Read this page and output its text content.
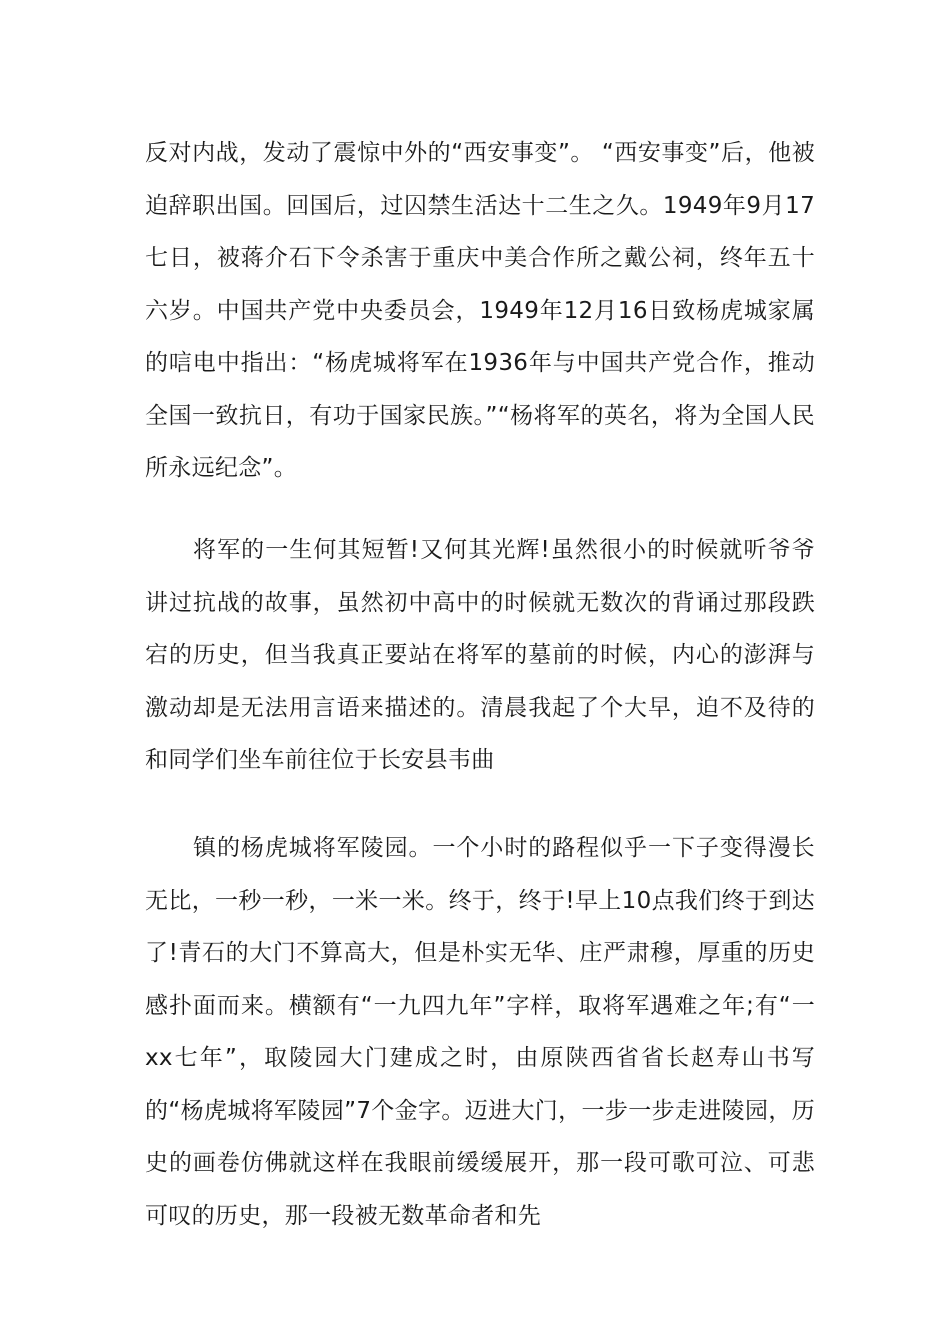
反对内战，发动了震惊中外的“西安事变”。 “西安事变”后，他被迫辞职出国。回国后，过囚禁生活达十二生之久。1949年9月17七日，被蒋介石下令杀害于重庆中美合作所之戴公祠，终年五十六岁。中国共产党中央委员会，1949年12月16日致杨虎城家属的唁电中指出：“杨虎城将军在1936年与中国共产党合作，推动全国一致抗日，有功于国家民族。”“杨将军的英名，将为全国人民所永远纪念”。

将军的一生何其短暂!又何其光辉!虽然很小的时候就听爷爷讲过抗战的故事，虽然初中高中的时候就无数次的背诵过那段跌宕的历史，但当我真正要站在将军的墓前的时候，内心的澎湃与激动却是无法用言语来描述的。清晨我起了个大早，迫不及待的和同学们坐车前往位于长安县韦曲

镇的杨虎城将军陵园。一个小时的路程似乎一下子变得漫长无比，一秒一秒，一米一米。终于，终于!早上10点我们终于到达了!青石的大门不算高大，但是朴实无华、庄严肃穆，厚重的历史感扑面而来。横额有“一九四九年”字样，取将军遇难之年;有“一xx七年”，取陵园大门建成之时，由原陕西省省长赵寿山书写的“杨虎城将军陵园”7个金字。迈进大门，一步一步走进陵园，历史的画卷仿佛就这样在我眼前缓缓展开，那一段可歌可泣、可悲可叹的历史，那一段被无数革命者和先
